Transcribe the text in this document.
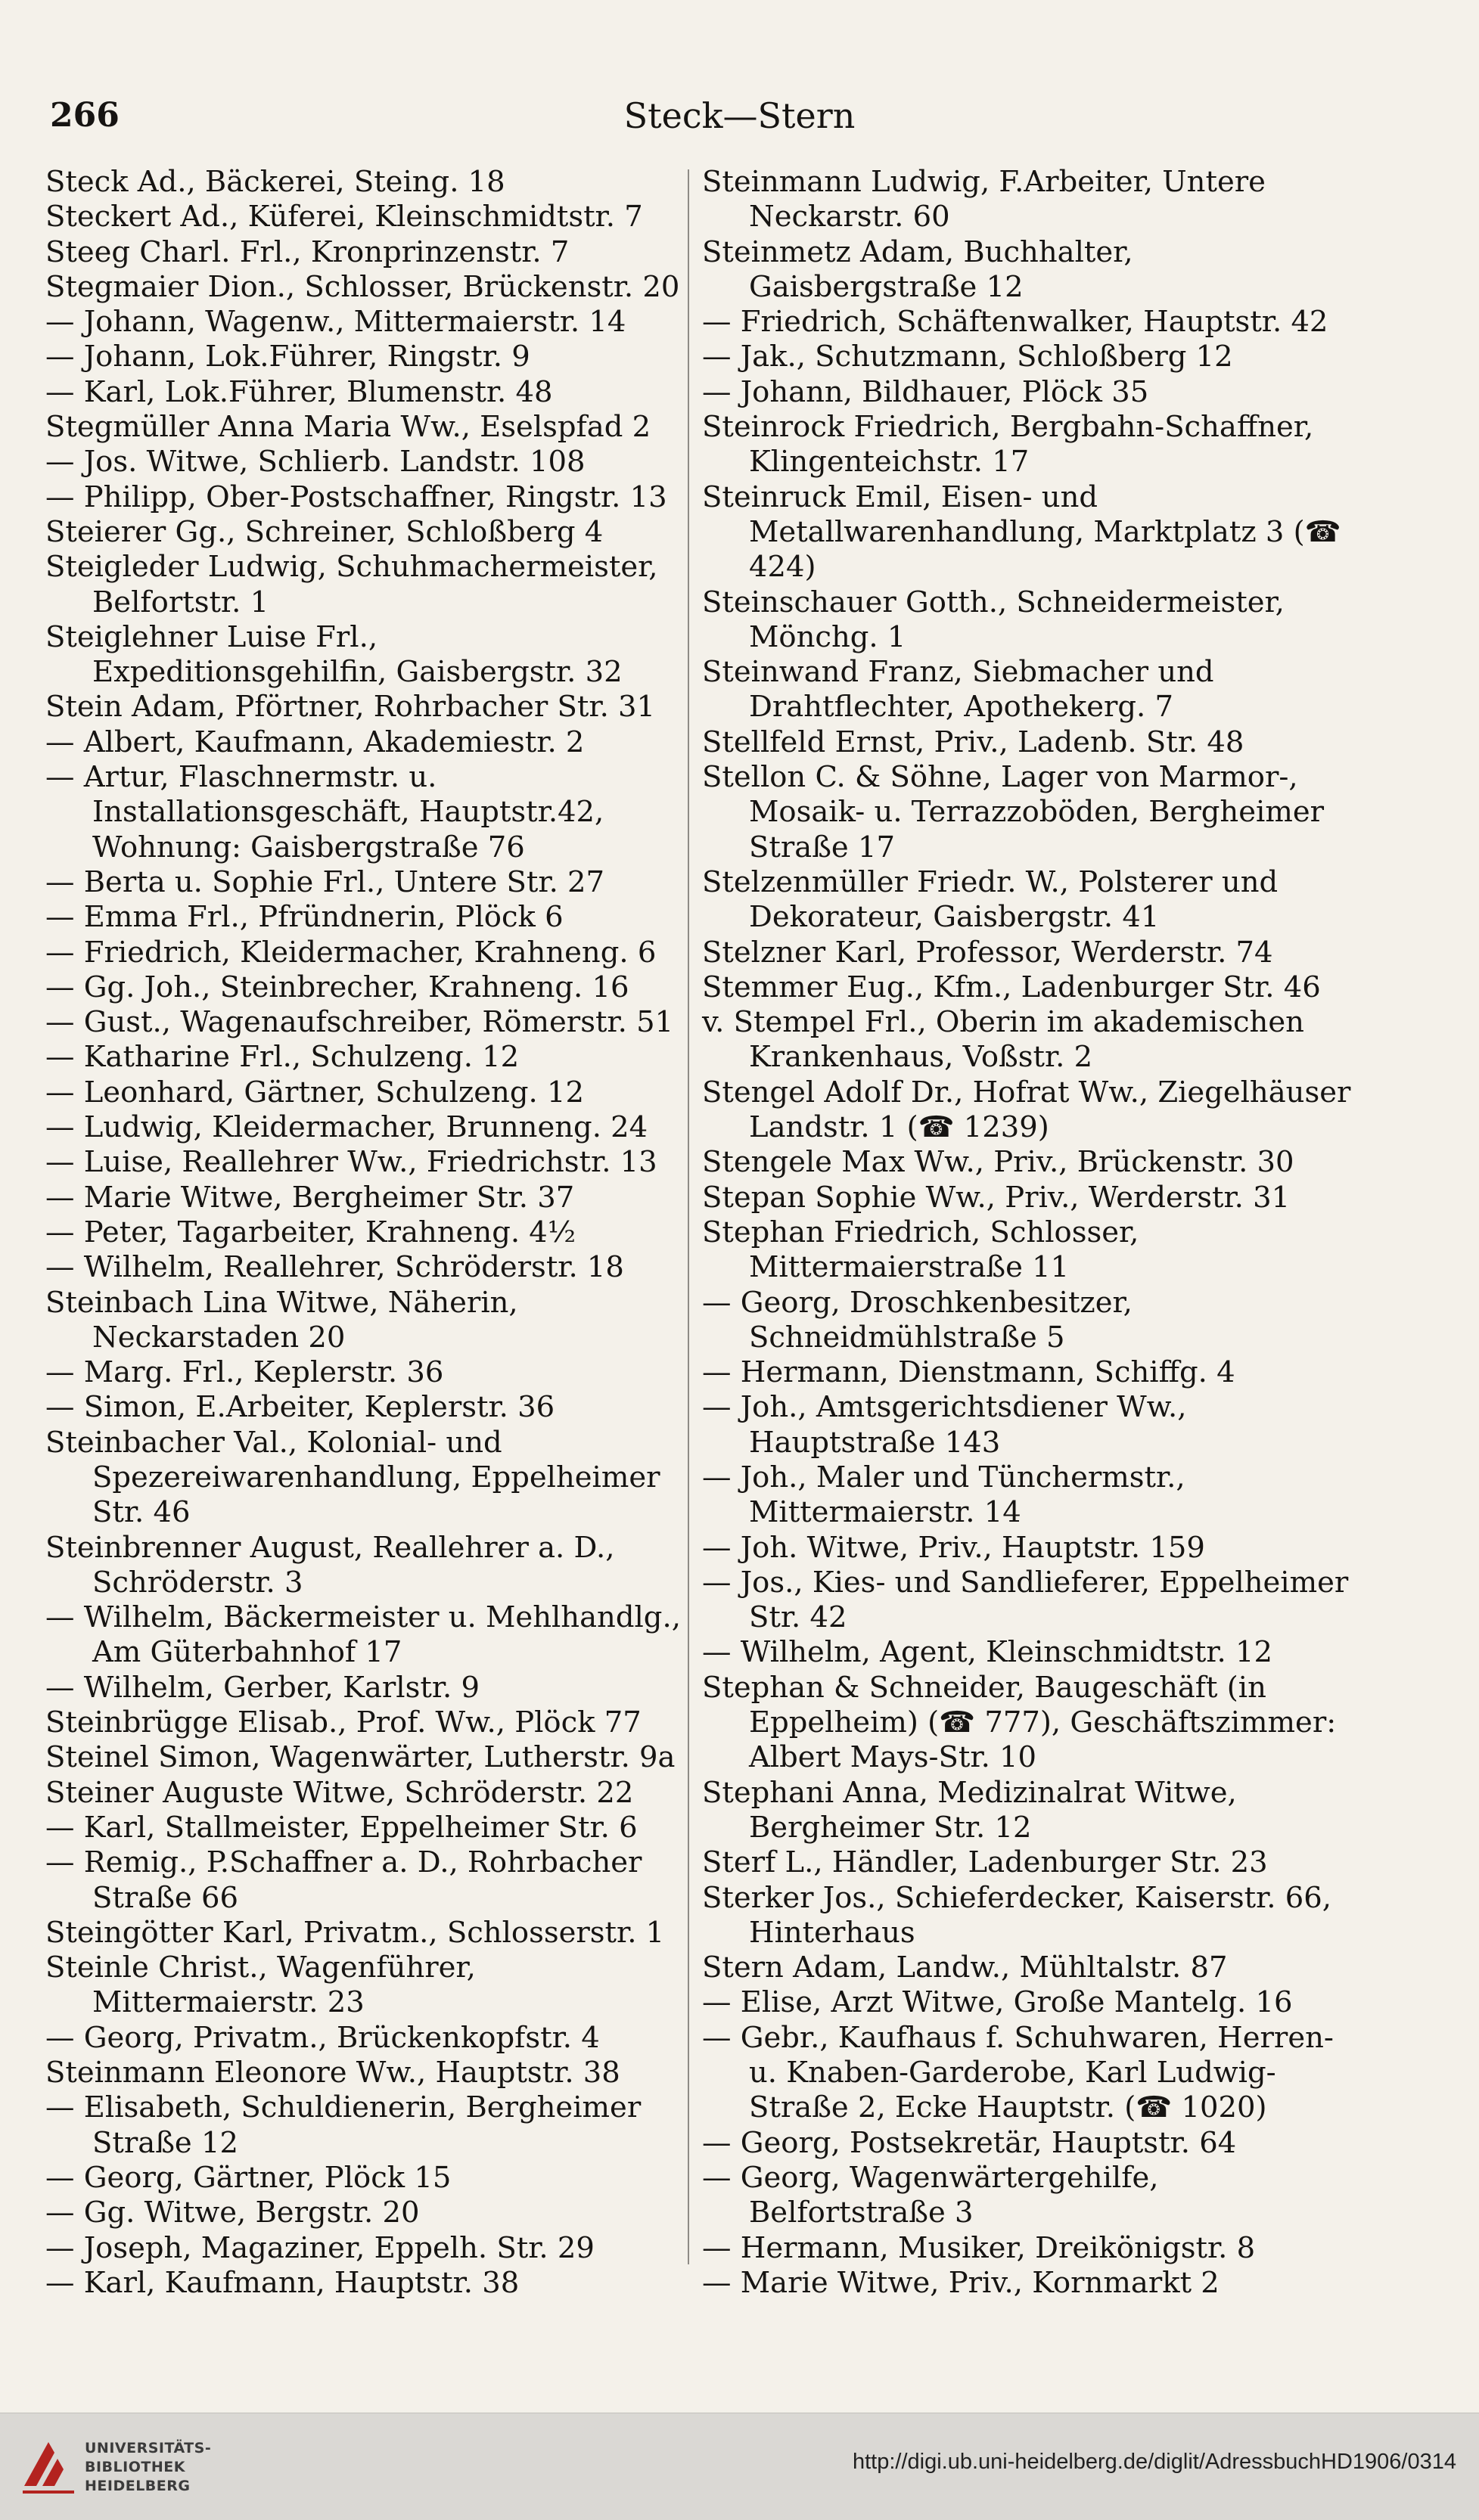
266	Steck—Stern

Steck Ad., Bäckerei, Steing. 18

Steckert Ad., Küferei, Kleinschmidtstr. 7

Steeg Charl. Frl., Kronprinzenstr. 7

Stegmaier Dion., Schlosser, Brückenstr. 20

— Johann, Wagenw., Mittermaierstr. 14

— Johann, Lok.Führer, Ringstr. 9

— Karl, Lok.Führer, Blumenstr. 48

Stegmüller Anna Maria Ww., Eselspfad 2

— Jos. Witwe, Schlierb. Landstr. 108

— Philipp, Ober-Postschaffner, Ringstr. 13

Steierer Gg., Schreiner, Schloßberg 4

Steigleder Ludwig, Schuhmachermeister, Belfortstr. 1

Steiglehner Luise Frl., Expeditionsgehilfin, Gaisbergstr. 32

Stein Adam, Pförtner, Rohrbacher Str. 31

— Albert, Kaufmann, Akademiestr. 2

— Artur, Flaschnermstr. u. Installationsgeschäft, Hauptstr.42, Wohnung: Gaisbergstraße 76

— Berta u. Sophie Frl., Untere Str. 27

— Emma Frl., Pfründnerin, Plöck 6

— Friedrich, Kleidermacher, Krahneng. 6

— Gg. Joh., Steinbrecher, Krahneng. 16

— Gust., Wagenaufschreiber, Römerstr. 51

— Katharine Frl., Schulzeng. 12

— Leonhard, Gärtner, Schulzeng. 12

— Ludwig, Kleidermacher, Brunneng. 24

— Luise, Reallehrer Ww., Friedrichstr. 13

— Marie Witwe, Bergheimer Str. 37

— Peter, Tagarbeiter, Krahneng. 4½

— Wilhelm, Reallehrer, Schröderstr. 18

Steinbach Lina Witwe, Näherin, Neckarstaden 20

— Marg. Frl., Keplerstr. 36

— Simon, E.Arbeiter, Keplerstr. 36

Steinbacher Val., Kolonial- und Spezereiwarenhandlung, Eppelheimer Str. 46

Steinbrenner August, Reallehrer a. D., Schröderstr. 3

— Wilhelm, Bäckermeister u. Mehlhandlg., Am Güterbahnhof 17

— Wilhelm, Gerber, Karlstr. 9

Steinbrügge Elisab., Prof. Ww., Plöck 77

Steinel Simon, Wagenwärter, Lutherstr. 9a

Steiner Auguste Witwe, Schröderstr. 22

— Karl, Stallmeister, Eppelheimer Str. 6

— Remig., P.Schaffner a. D., Rohrbacher Straße 66

Steingötter Karl, Privatm., Schlosserstr. 1

Steinle Christ., Wagenführer, Mittermaierstr. 23

— Georg, Privatm., Brückenkopfstr. 4

Steinmann Eleonore Ww., Hauptstr. 38

— Elisabeth, Schuldienerin, Bergheimer Straße 12

— Georg, Gärtner, Plöck 15

— Gg. Witwe, Bergstr. 20

— Joseph, Magaziner, Eppelh. Str. 29

— Karl, Kaufmann, Hauptstr. 38

Steinmann Ludwig, F.Arbeiter, Untere Neckarstr. 60

Steinmetz Adam, Buchhalter, Gaisbergstraße 12

— Friedrich, Schäftenwalker, Hauptstr. 42

— Jak., Schutzmann, Schloßberg 12

— Johann, Bildhauer, Plöck 35

Steinrock Friedrich, Bergbahn-Schaffner, Klingenteichstr. 17

Steinruck Emil, Eisen- und Metallwarenhandlung, Marktplatz 3 (☎ 424)

Steinschauer Gotth., Schneidermeister, Mönchg. 1

Steinwand Franz, Siebmacher und Drahtflechter, Apothekerg. 7

Stellfeld Ernst, Priv., Ladenb. Str. 48

Stellon C. & Söhne, Lager von Marmor-, Mosaik- u. Terrazzoböden, Bergheimer Straße 17

Stelzenmüller Friedr. W., Polsterer und Dekorateur, Gaisbergstr. 41

Stelzner Karl, Professor, Werderstr. 74

Stemmer Eug., Kfm., Ladenburger Str. 46

v. Stempel Frl., Oberin im akademischen Krankenhaus, Voßstr. 2

Stengel Adolf Dr., Hofrat Ww., Ziegelhäuser Landstr. 1 (☎ 1239)

Stengele Max Ww., Priv., Brückenstr. 30

Stepan Sophie Ww., Priv., Werderstr. 31

Stephan Friedrich, Schlosser, Mittermaierstraße 11

— Georg, Droschkenbesitzer, Schneidmühlstraße 5

— Hermann, Dienstmann, Schiffg. 4

— Joh., Amtsgerichtsdiener Ww., Hauptstraße 143

— Joh., Maler und Tünchermstr., Mittermaierstr. 14

— Joh. Witwe, Priv., Hauptstr. 159

— Jos., Kies- und Sandlieferer, Eppelheimer Str. 42

— Wilhelm, Agent, Kleinschmidtstr. 12

Stephan & Schneider, Baugeschäft (in Eppelheim) (☎ 777), Geschäftszimmer: Albert Mays-Str. 10

Stephani Anna, Medizinalrat Witwe, Bergheimer Str. 12

Sterf L., Händler, Ladenburger Str. 23

Sterker Jos., Schieferdecker, Kaiserstr. 66, Hinterhaus

Stern Adam, Landw., Mühltalstr. 87

— Elise, Arzt Witwe, Große Mantelg. 16

— Gebr., Kaufhaus f. Schuhwaren, Herren- u. Knaben-Garderobe, Karl Ludwig-Straße 2, Ecke Hauptstr. (☎ 1020)

— Georg, Postsekretär, Hauptstr. 64

— Georg, Wagenwärtergehilfe, Belfortstraße 3

— Hermann, Musiker, Dreikönigstr. 8

— Marie Witwe, Priv., Kornmarkt 2

UNIVERSITÄTS-
BIBLIOTHEK
HEIDELBERG
http://digi.ub.uni-heidelberg.de/diglit/AdressbuchHD1906/0314
